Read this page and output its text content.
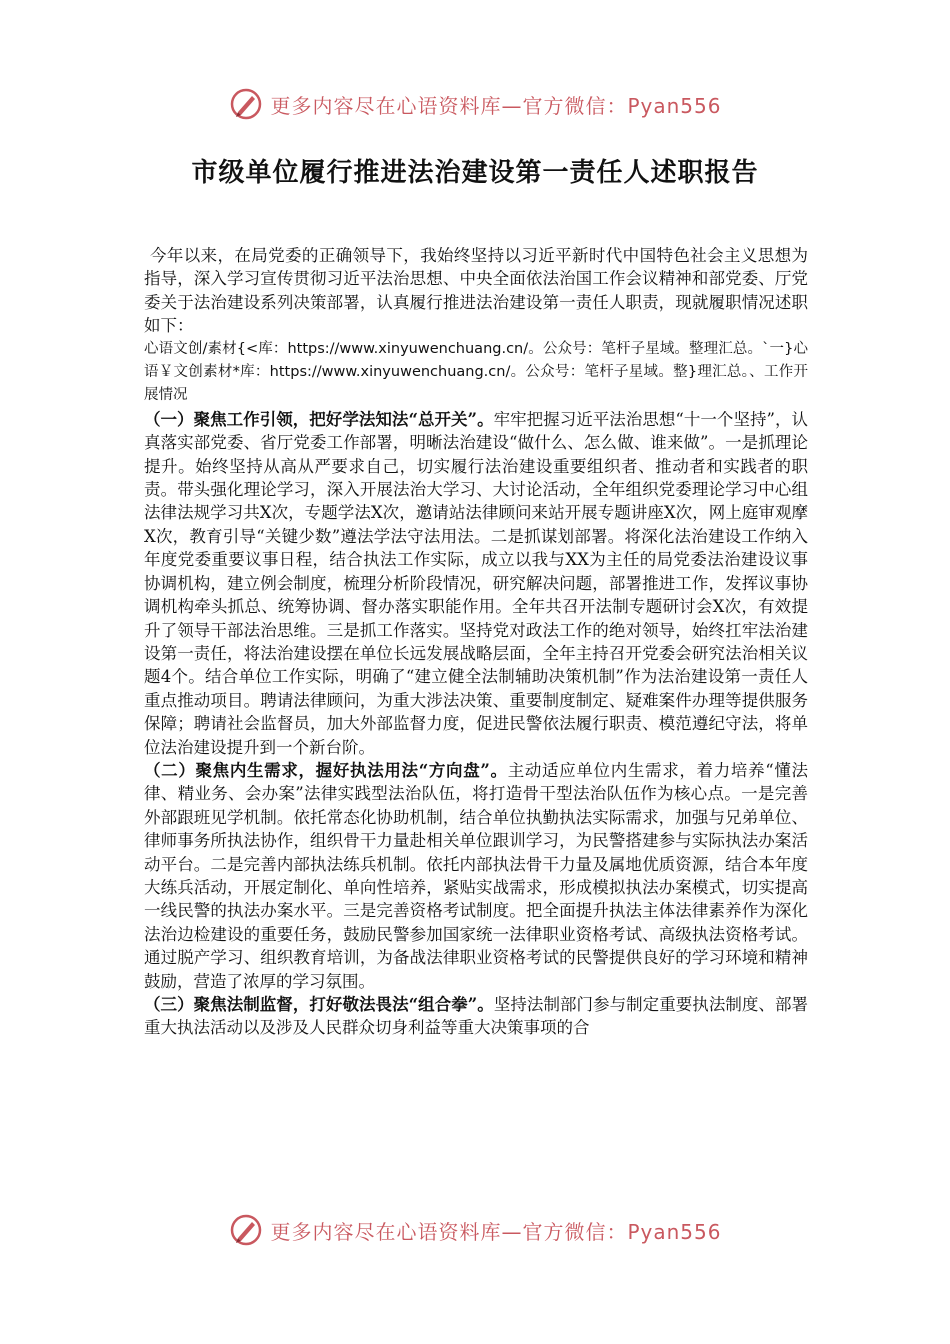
更多内容尽在心语资料库—官方微信：Pyan556
市级单位履行推进法治建设第一责任人述职报告

今年以来，在局党委的正确领导下，我始终坚持以习近平新时代中国特色社会主义思想为指导，深入学习宣传贯彻习近平法治思想、中央全面依法治国工作会议精神和部党委、厅党委关于法治建设系列决策部署，认真履行推进法治建设第一责任人职责，现就履职情况述职如下：

心语文创/素材{<库：https://www.xinyuwenchuang.cn/。公众号：笔杆子星域。整理汇总。`一}心语￥文创素材*库：https://www.xinyuwenchuang.cn/。公众号：笔杆子星域。整}理汇总。、工作开展情况

（一）聚焦工作引领，把好学法知法“总开关”。牢牢把握习近平法治思想“十一个坚持”，认真落实部党委、省厅党委工作部署，明晰法治建设“做什么、怎么做、谁来做”。一是抓理论提升。始终坚持从高从严要求自己，切实履行法治建设重要组织者、推动者和实践者的职责。带头强化理论学习，深入开展法治大学习、大讨论活动，全年组织党委理论学习中心组法律法规学习共X次，专题学法X次，邀请站法律顾问来站开展专题讲座X次，网上庭审观摩X次，教育引导“关键少数”遵法学法守法用法。二是抓谋划部署。将深化法治建设工作纳入年度党委重要议事日程，结合执法工作实际，成立以我与XX为主任的局党委法治建设议事协调机构，建立例会制度，梳理分析阶段情况，研究解决问题，部署推进工作，发挥议事协调机构牵头抓总、统筹协调、督办落实职能作用。全年共召开法制专题研讨会X次，有效提升了领导干部法治思维。三是抓工作落实。坚持党对政法工作的绝对领导，始终扛牢法治建设第一责任，将法治建设摆在单位长远发展战略层面，全年主持召开党委会研究法治相关议题4个。结合单位工作实际，明确了“建立健全法制辅助决策机制”作为法治建设第一责任人重点推动项目。聘请法律顾问，为重大涉法决策、重要制度制定、疑难案件办理等提供服务保障；聘请社会监督员，加大外部监督力度，促进民警依法履行职责、模范遵纪守法，将单位法治建设提升到一个新台阶。

（二）聚焦内生需求，握好执法用法“方向盘”。主动适应单位内生需求，着力培养“懂法律、精业务、会办案”法律实践型法治队伍，将打造骨干型法治队伍作为核心点。一是完善外部跟班见学机制。依托常态化协助机制，结合单位执勤执法实际需求，加强与兄弟单位、律师事务所执法协作，组织骨干力量赴相关单位跟训学习，为民警搭建参与实际执法办案活动平台。二是完善内部执法练兵机制。依托内部执法骨干力量及属地优质资源，结合本年度大练兵活动，开展定制化、单向性培养，紧贴实战需求，形成模拟执法办案模式，切实提高一线民警的执法办案水平。三是完善资格考试制度。把全面提升执法主体法律素养作为深化法治边检建设的重要任务，鼓励民警参加国家统一法律职业资格考试、高级执法资格考试。通过脱产学习、组织教育培训，为备战法律职业资格考试的民警提供良好的学习环境和精神鼓励，营造了浓厚的学习氛围。

（三）聚焦法制监督，打好敬法畏法“组合拳”。坚持法制部门参与制定重要执法制度、部署重大执法活动以及涉及人民群众切身利益等重大决策事项的合

更多内容尽在心语资料库—官方微信：Pyan556
